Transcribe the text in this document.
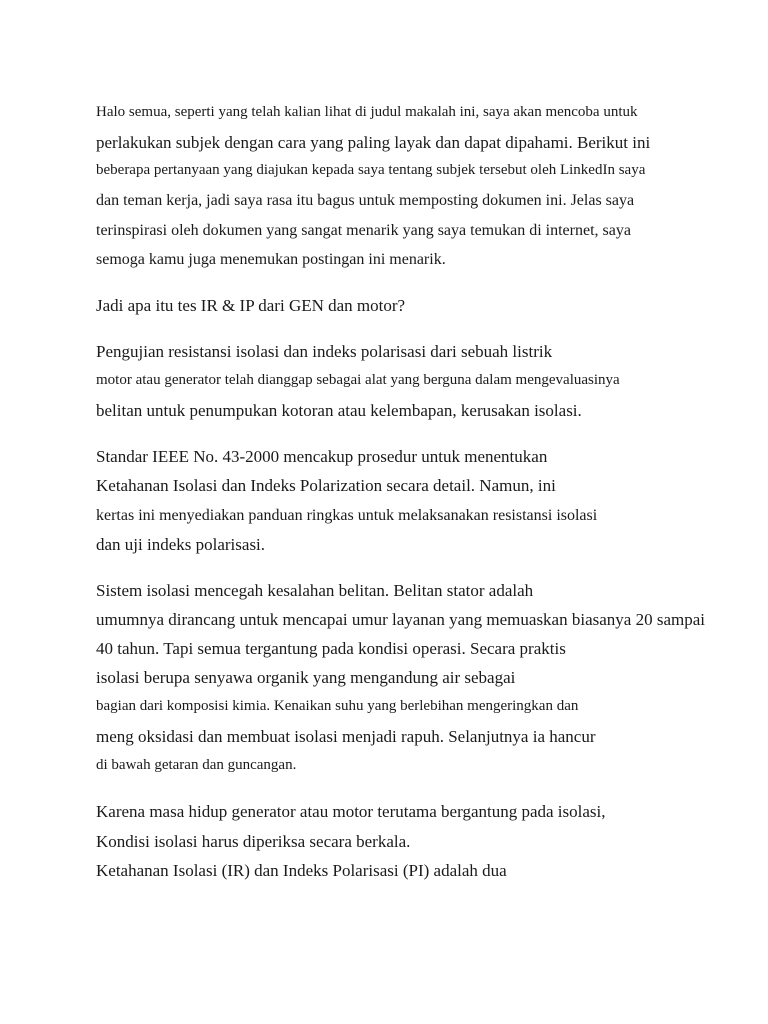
Halo semua, seperti yang telah kalian lihat di judul makalah ini, saya akan mencoba untuk
perlakukan subjek dengan cara yang paling layak dan dapat dipahami. Berikut ini
beberapa pertanyaan yang diajukan kepada saya tentang subjek tersebut oleh LinkedIn saya
dan teman kerja, jadi saya rasa itu bagus untuk memposting dokumen ini. Jelas saya
terinspirasi oleh dokumen yang sangat menarik yang saya temukan di internet, saya
semoga kamu juga menemukan postingan ini menarik.
Jadi apa itu tes IR & IP dari GEN dan motor?
Pengujian resistansi isolasi dan indeks polarisasi dari sebuah listrik
motor atau generator telah dianggap sebagai alat yang berguna dalam mengevaluasinya
belitan untuk penumpukan kotoran atau kelembapan, kerusakan isolasi.
Standar IEEE No. 43-2000 mencakup prosedur untuk menentukan
Ketahanan Isolasi dan Indeks Polarization secara detail. Namun, ini
kertas ini menyediakan panduan ringkas untuk melaksanakan resistansi isolasi
dan uji indeks polarisasi.
Sistem isolasi mencegah kesalahan belitan. Belitan stator adalah
umumnya dirancang untuk mencapai umur layanan yang memuaskan biasanya 20 sampai
40 tahun. Tapi semua tergantung pada kondisi operasi. Secara praktis
isolasi berupa senyawa organik yang mengandung air sebagai
bagian dari komposisi kimia. Kenaikan suhu yang berlebihan mengeringkan dan
meng oksidasi dan membuat isolasi menjadi rapuh. Selanjutnya ia hancur
di bawah getaran dan guncangan.
Karena masa hidup generator atau motor terutama bergantung pada isolasi,
Kondisi isolasi harus diperiksa secara berkala.
Ketahanan Isolasi (IR) dan Indeks Polarisasi (PI) adalah dua
